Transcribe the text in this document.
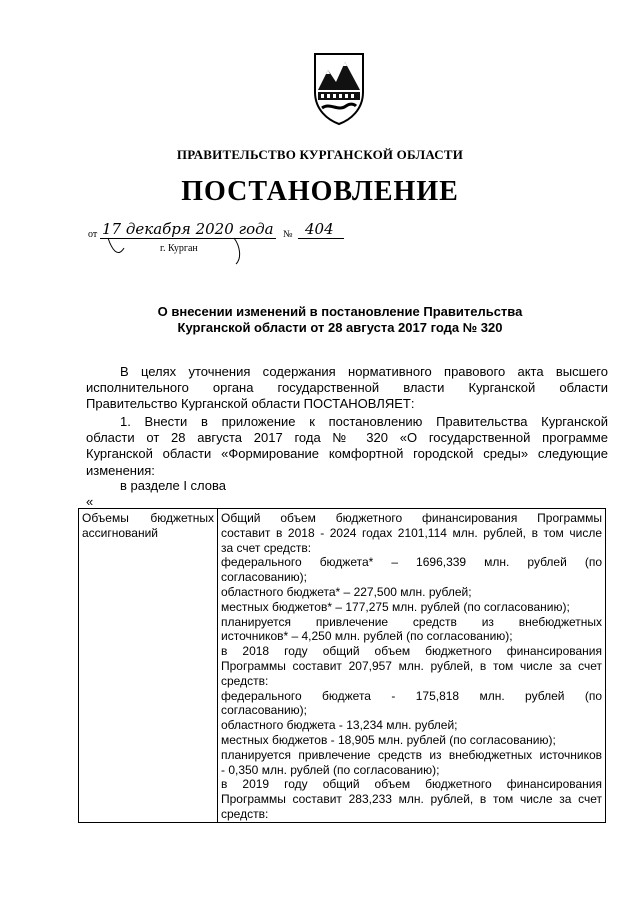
ПРАВИТЕЛЬСТВО КУРГАНСКОЙ ОБЛАСТИ
ПОСТАНОВЛЕНИЕ
от 17 декабря 2020 года № 404
г. Курган
О внесении изменений в постановление Правительства
Курганской области от 28 августа 2017 года № 320
В целях уточнения содержания нормативного правового акта высшего
исполнительного органа государственной власти Курганской области
Правительство Курганской области ПОСТАНОВЛЯЕТ:
1. Внести в приложение к постановлению Правительства Курганской
области от 28 августа 2017 года № 320 «О государственной программе
Курганской области «Формирование комфортной городской среды» следующие
изменения:
в разделе I слова
«
Объемы бюджетных
ассигнований

Общий объем бюджетного финансирования Программы
составит в 2018 - 2024 годах 2101,114 млн. рублей, в том числе
за счет средств:
федерального бюджета* – 1696,339 млн. рублей (по
согласованию);
областного бюджета* – 227,500 млн. рублей;
местных бюджетов* – 177,275 млн. рублей (по согласованию);
планируется привлечение средств из внебюджетных
источников* – 4,250 млн. рублей (по согласованию);
в 2018 году общий объем бюджетного финансирования
Программы составит 207,957 млн. рублей, в том числе за счет
средств:
федерального бюджета - 175,818 млн. рублей (по
согласованию);
областного бюджета - 13,234 млн. рублей;
местных бюджетов - 18,905 млн. рублей (по согласованию);
планируется привлечение средств из внебюджетных источников
- 0,350 млн. рублей (по согласованию);
в 2019 году общий объем бюджетного финансирования
Программы составит 283,233 млн. рублей, в том числе за счет
средств:
